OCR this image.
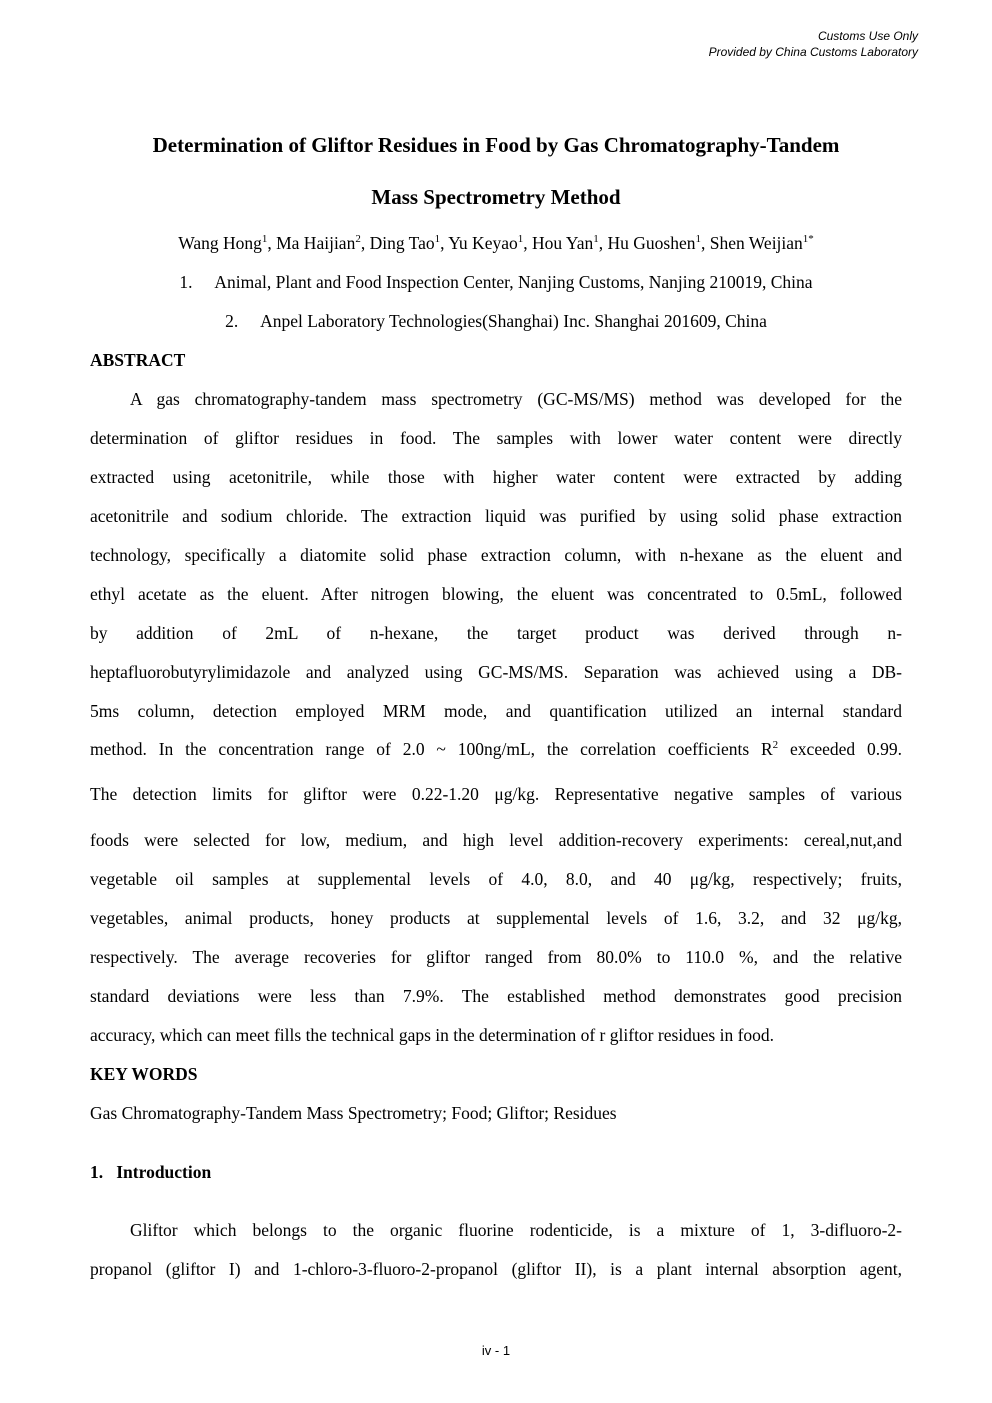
Customs Use Only
Provided by China Customs Laboratory
Determination of Gliftor Residues in Food by Gas Chromatography-Tandem
Mass Spectrometry Method
Wang Hong$^1$, Ma Haijian$^2$, Ding Tao$^1$, Yu Keyao$^1$, Hou Yan$^1$, Hu Guoshen$^1$, Shen Weijian$^{1*}$
1. Animal, Plant and Food Inspection Center, Nanjing Customs, Nanjing 210019, China
2. Anpel Laboratory Technologies(Shanghai) Inc. Shanghai 201609, China
ABSTRACT
A gas chromatography-tandem mass spectrometry (GC-MS/MS) method was developed for the
determination of gliftor residues in food. The samples with lower water content were directly
extracted using acetonitrile, while those with higher water content were extracted by adding
acetonitrile and sodium chloride. The extraction liquid was purified by using solid phase extraction
technology, specifically a diatomite solid phase extraction column, with n-hexane as the eluent and
ethyl acetate as the eluent. After nitrogen blowing, the eluent was concentrated to 0.5mL, followed
by addition of 2mL of n-hexane, the target product was derived through n-
heptafluorobutyrylimidazole and analyzed using GC-MS/MS. Separation was achieved using a DB-
5ms column, detection employed MRM mode, and quantification utilized an internal standard
method. In the concentration range of 2.0 ~ 100ng/mL, the correlation coefficients $R^2$ exceeded 0.99.
The detection limits for gliftor were 0.22-1.20 μg/kg. Representative negative samples of various
foods were selected for low, medium, and high level addition-recovery experiments: cereal,nut,and
vegetable oil samples at supplemental levels of 4.0, 8.0, and 40 μg/kg, respectively; fruits,
vegetables, animal products, honey products at supplemental levels of 1.6, 3.2, and 32 μg/kg,
respectively. The average recoveries for gliftor ranged from 80.0% to 110.0 %, and the relative
standard deviations were less than 7.9%. The established method demonstrates good precision
accuracy, which can meet fills the technical gaps in the determination of r gliftor residues in food.
KEY WORDS
Gas Chromatography-Tandem Mass Spectrometry; Food; Gliftor; Residues
1.   Introduction
Gliftor which belongs to the organic fluorine rodenticide, is a mixture of 1, 3-difluoro-2-
propanol (gliftor I) and 1-chloro-3-fluoro-2-propanol (gliftor II), is a plant internal absorption agent,
iv - 1
